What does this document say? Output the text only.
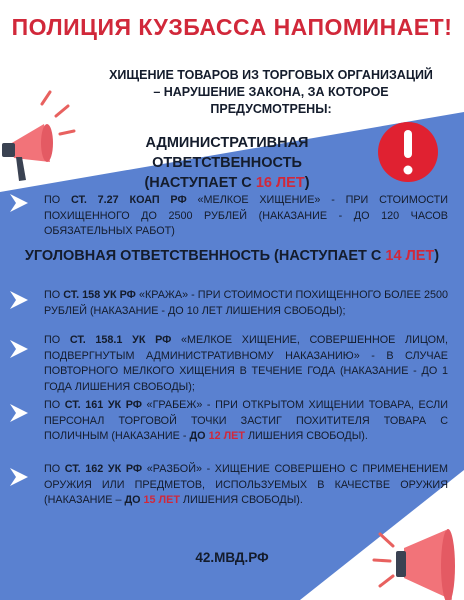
ПОЛИЦИЯ КУЗБАССА НАПОМИНАЕТ!
ХИЩЕНИЕ ТОВАРОВ ИЗ ТОРГОВЫХ ОРГАНИЗАЦИЙ
– НАРУШЕНИЕ ЗАКОНА, ЗА КОТОРОЕ ПРЕДУСМОТРЕНЫ:
АДМИНИСТРАТИВНАЯ ОТВЕТСТВЕННОСТЬ
(НАСТУПАЕТ С 16 ЛЕТ)
ПО СТ. 7.27 КОАП РФ «МЕЛКОЕ ХИЩЕНИЕ» - ПРИ СТОИМОСТИ ПОХИЩЕННОГО ДО 2500 РУБЛЕЙ (НАКАЗАНИЕ - ДО 120 ЧАСОВ ОБЯЗАТЕЛЬНЫХ РАБОТ)
УГОЛОВНАЯ ОТВЕТСТВЕННОСТЬ (НАСТУПАЕТ С 14 ЛЕТ)
ПО СТ. 158 УК РФ «КРАЖА» - ПРИ СТОИМОСТИ ПОХИЩЕННОГО БОЛЕЕ 2500 РУБЛЕЙ (НАКАЗАНИЕ - ДО 10 ЛЕТ ЛИШЕНИЯ СВОБОДЫ);
ПО СТ. 158.1 УК РФ «МЕЛКОЕ ХИЩЕНИЕ, СОВЕРШЕННОЕ ЛИЦОМ, ПОДВЕРГНУТЫМ АДМИНИСТРАТИВНОМУ НАКАЗАНИЮ» - В СЛУЧАЕ ПОВТОРНОГО МЕЛКОГО ХИЩЕНИЯ В ТЕЧЕНИЕ ГОДА (НАКАЗАНИЕ - ДО 1 ГОДА ЛИШЕНИЯ СВОБОДЫ);
ПО СТ. 161 УК РФ «ГРАБЕЖ» - ПРИ ОТКРЫТОМ ХИЩЕНИИ ТОВАРА, ЕСЛИ ПЕРСОНАЛ ТОРГОВОЙ ТОЧКИ ЗАСТИГ ПОХИТИТЕЛЯ ТОВАРА С ПОЛИЧНЫМ (НАКАЗАНИЕ - ДО 12 ЛЕТ ЛИШЕНИЯ СВОБОДЫ).
ПО СТ. 162 УК РФ «РАЗБОЙ» - ХИЩЕНИЕ СОВЕРШЕНО С ПРИМЕНЕНИЕМ ОРУЖИЯ ИЛИ ПРЕДМЕТОВ, ИСПОЛЬЗУЕМЫХ В КАЧЕСТВЕ ОРУЖИЯ (НАКАЗАНИЕ – ДО 15 ЛЕТ ЛИШЕНИЯ СВОБОДЫ).
42.МВД.РФ
